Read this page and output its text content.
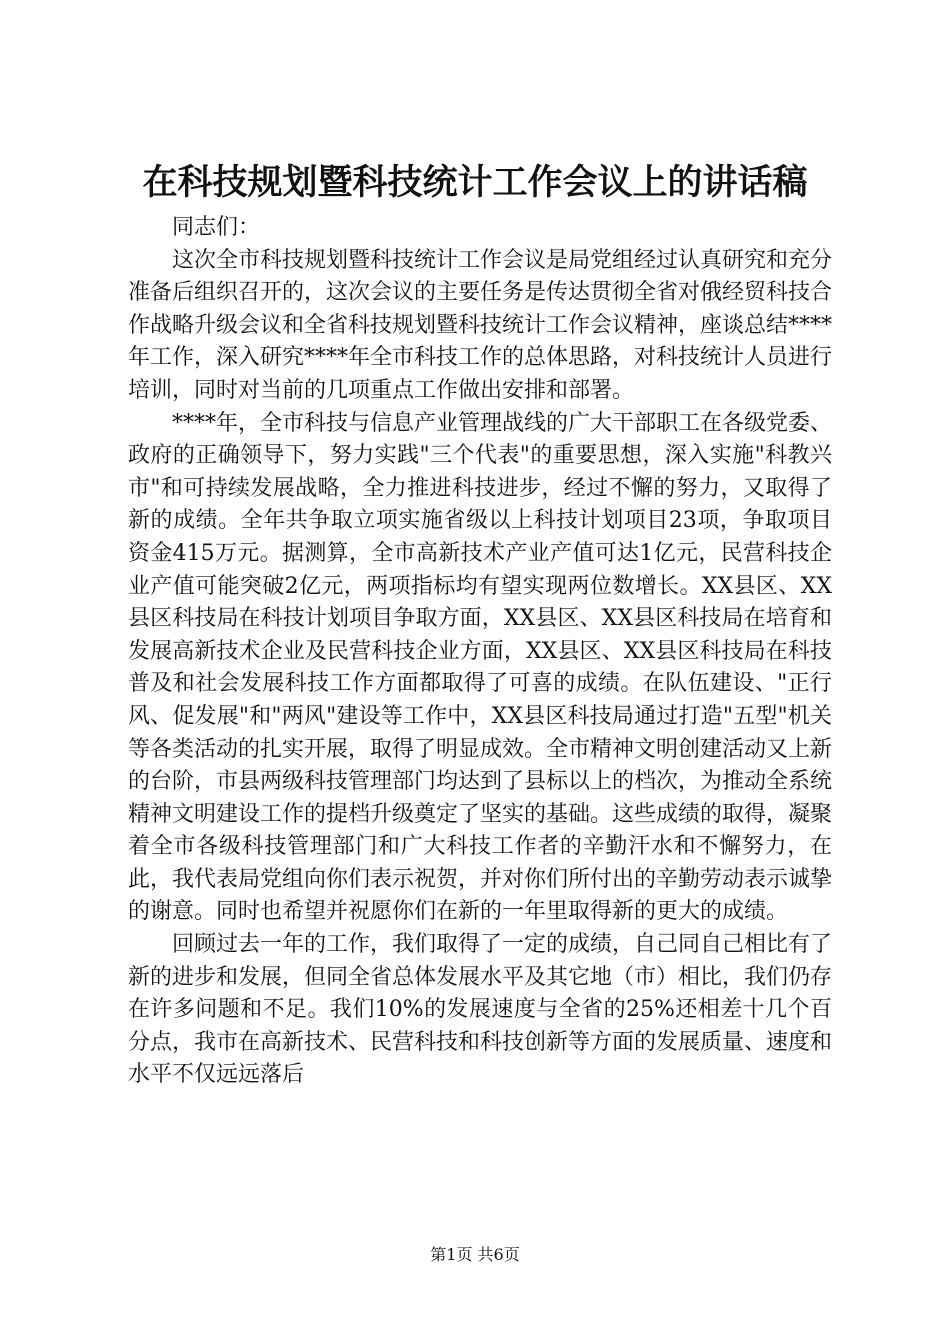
在科技规划暨科技统计工作会议上的讲话稿

同志们：

这次全市科技规划暨科技统计工作会议是局党组经过认真研究和充分准备后组织召开的，这次会议的主要任务是传达贯彻全省对俄经贸科技合作战略升级会议和全省科技规划暨科技统计工作会议精神，座谈总结****年工作，深入研究****年全市科技工作的总体思路，对科技统计人员进行培训，同时对当前的几项重点工作做出安排和部署。

****年，全市科技与信息产业管理战线的广大干部职工在各级党委、政府的正确领导下，努力实践"三个代表"的重要思想，深入实施"科教兴市"和可持续发展战略，全力推进科技进步，经过不懈的努力，又取得了新的成绩。全年共争取立项实施省级以上科技计划项目23项，争取项目资金415万元。据测算，全市高新技术产业产值可达1亿元，民营科技企业产值可能突破2亿元，两项指标均有望实现两位数增长。XX县区、XX县区科技局在科技计划项目争取方面，XX县区、XX县区科技局在培育和发展高新技术企业及民营科技企业方面，XX县区、XX县区科技局在科技普及和社会发展科技工作方面都取得了可喜的成绩。在队伍建设、"正行风、促发展"和"两风"建设等工作中，XX县区科技局通过打造"五型"机关等各类活动的扎实开展，取得了明显成效。全市精神文明创建活动又上新的台阶，市县两级科技管理部门均达到了县标以上的档次，为推动全系统精神文明建设工作的提档升级奠定了坚实的基础。这些成绩的取得，凝聚着全市各级科技管理部门和广大科技工作者的辛勤汗水和不懈努力，在此，我代表局党组向你们表示祝贺，并对你们所付出的辛勤劳动表示诚挚的谢意。同时也希望并祝愿你们在新的一年里取得新的更大的成绩。

回顾过去一年的工作，我们取得了一定的成绩，自己同自己相比有了新的进步和发展，但同全省总体发展水平及其它地（市）相比，我们仍存在许多问题和不足。我们10%的发展速度与全省的25%还相差十几个百分点，我市在高新技术、民营科技和科技创新等方面的发展质量、速度和水平不仅远远落后

第1页 共6页
